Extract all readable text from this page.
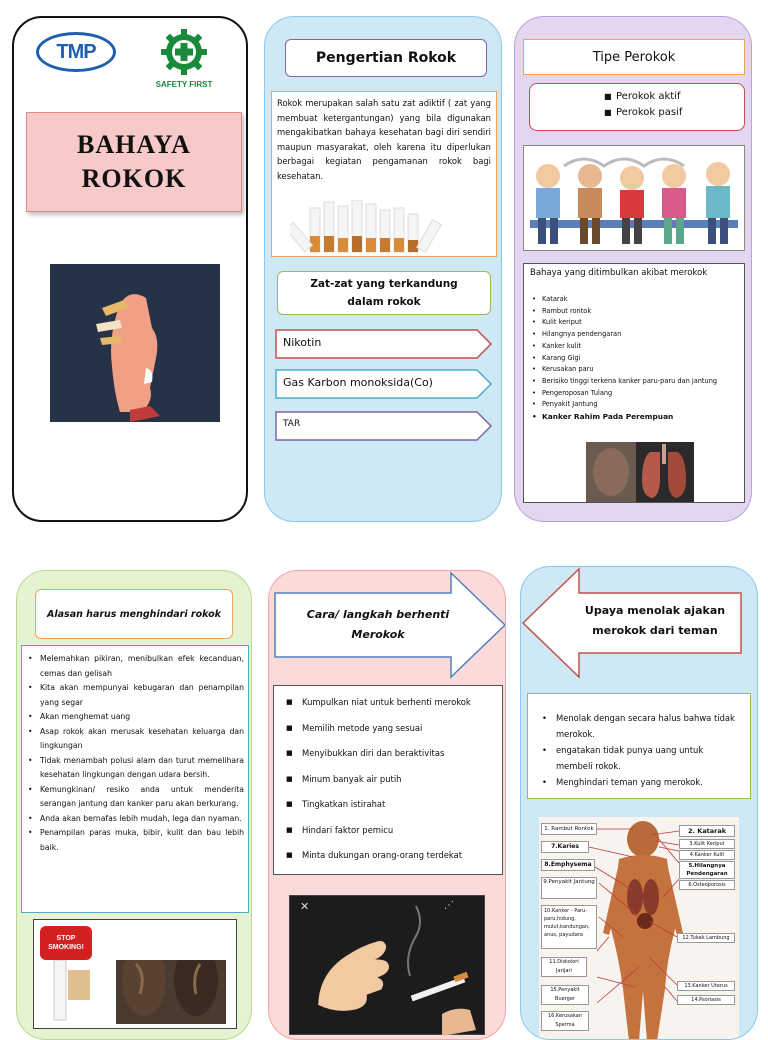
TMP
SAFETY FIRST
BAHAYA
ROKOK
Pengertian Rokok
Rokok merupakan salah satu zat adiktif ( zat yang membuat ketergantungan) yang bila digunakan mengakibatkan bahaya kesehatan bagi diri sendiri maupun masyarakat, oleh karena itu diperlukan berbagai kegiatan pengamanan rokok bagi kesehatan.
Zat-zat yang terkandung dalam rokok
Nikotin
Gas Karbon monoksida(Co)
TAR
Tipe Perokok
■ Perokok aktif
■ Perokok pasif
Bahaya yang ditimbulkan akibat merokok
• Katarak
• Rambut rontok
• Kulit keriput
• Hilangnya pendengaran
• Kanker kulit
• Karang Gigi
• Kerusakan paru
• Berisiko tinggi terkena kanker paru-paru dan jantung
• Pengeroposan Tulang
• Penyakit Jantung
• Kanker Rahim Pada Perempuan
Alasan harus menghindari rokok
• Melemahkan pikiran, menibulkan efek kecanduan, cemas dan gelisah
• Kita akan mempunyai kebugaran dan penampilan yang segar
• Akan menghemat uang
• Asap rokok akan merusak kesehatan keluarga dan lingkungan
• Tidak menambah polusi alam dan turut memelihara kesehatan lingkungan dengan udara bersih.
• Kemungkinan/ resiko anda untuk menderita serangan jantung dan kanker paru akan berkurang.
• Anda akan bernafas lebih mudah, lega dan nyaman.
• Penampilan paras muka, bibir, kulit dan bau lebih baik.
STOP SMOKING!
Cara/ langkah berhenti Merokok
■ Kumpulkan niat untuk berhenti merokok
■ Memilih metode yang sesuai
■ Menyibukkan diri dan beraktivitas
■ Minum banyak air putih
■ Tingkatkan istirahat
■ Hindari faktor pemicu
■ Minta dukungan orang-orang terdekat
✕	⋰
Upaya menolak ajakan merokok dari teman
• Menolak dengan secara halus bahwa tidak merokok.
• engatakan tidak punya uang untuk membeli rokok.
• Menghindari teman yang merokok.
1. Rambut Rontok
7.Karies
8.Emphysema
9.Penyakit Jantung
10.Kanker - Paru-paru,hidung, mulut,kandungan, anus, payudara
11.Diskolori Jarijari
15.Penyakit Buerger
16.Kerusakan Sperma
2. Katarak
3.Kulit Keriput
4.Kanker Kulit
5.Hilangnya Pendengaran
6.Osteoporosis
12.Tukak Lambung
13.Kanker Uterus
14.Psoriasis
